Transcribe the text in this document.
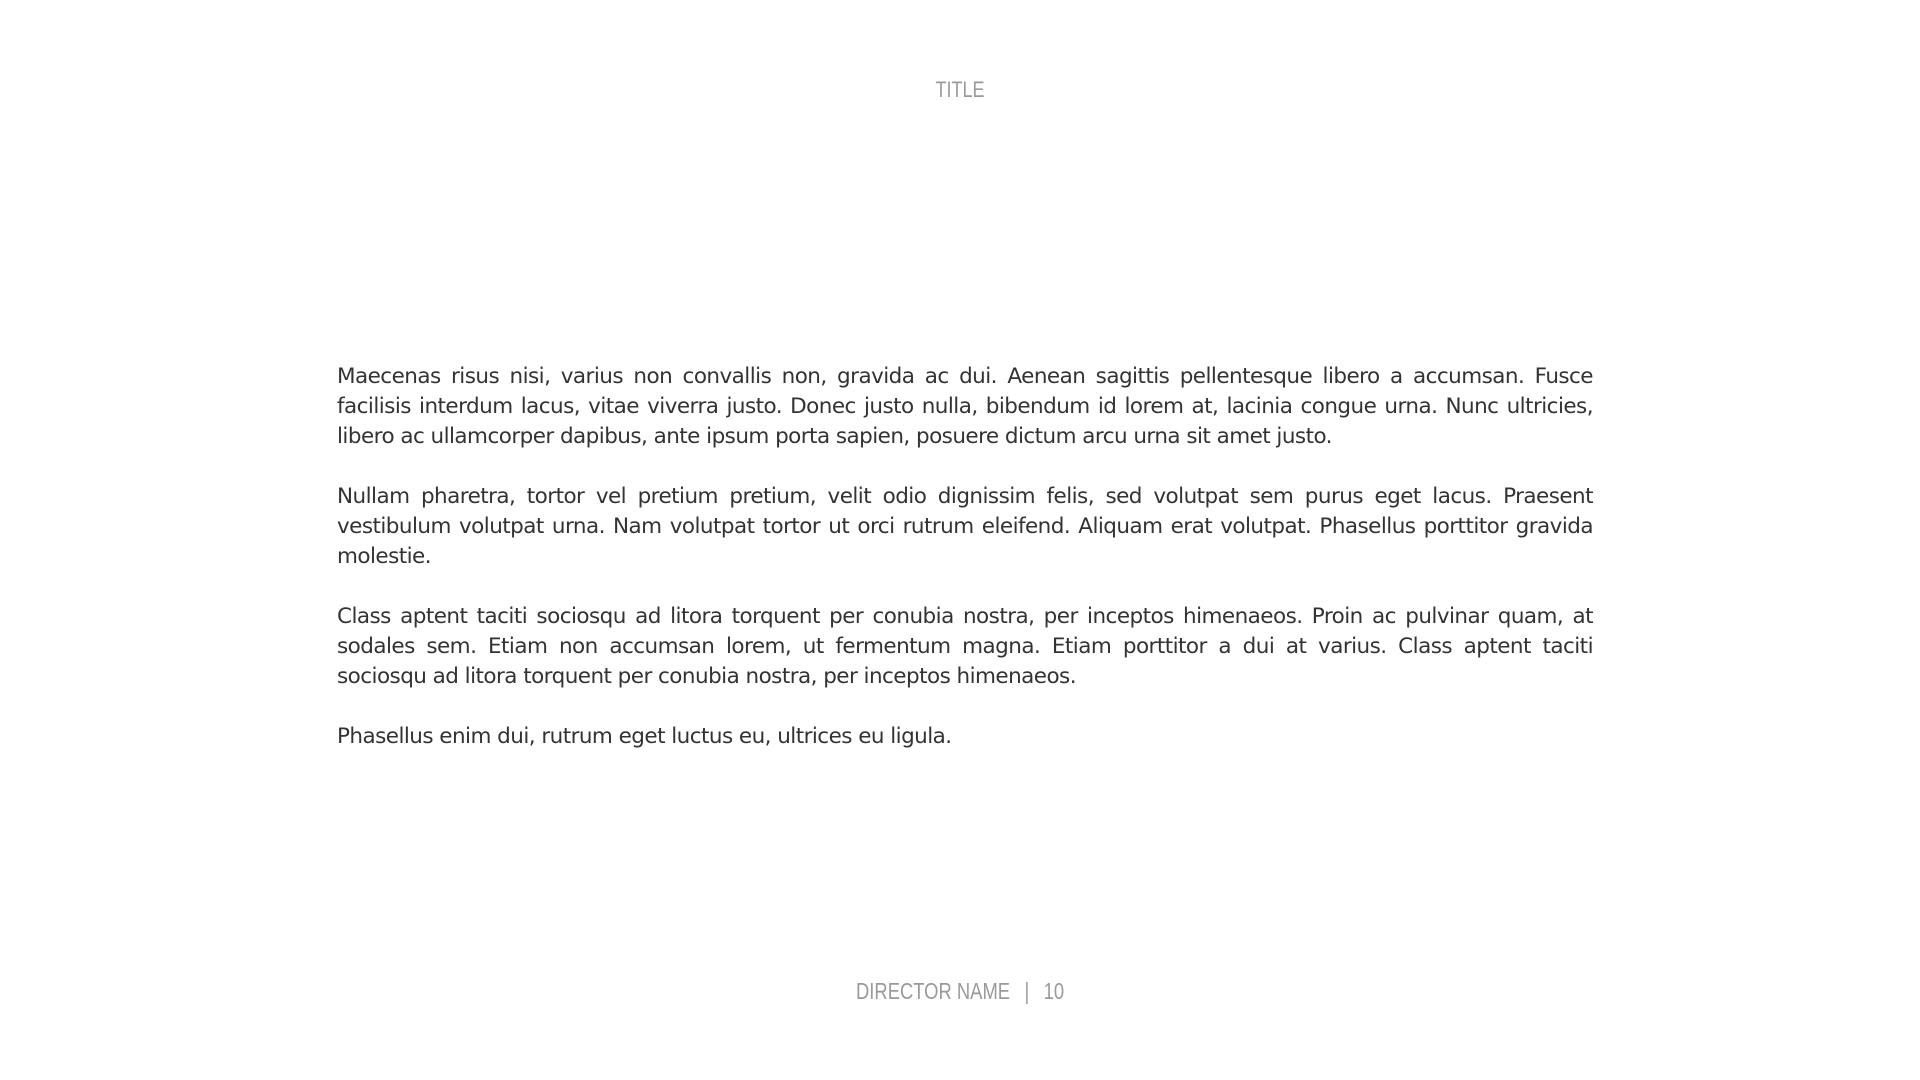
TITLE

Maecenas risus nisi, varius non convallis non, gravida ac dui. Aenean sagittis pellentesque libero a accumsan. Fusce facilisis interdum lacus, vitae viverra justo. Donec justo nulla, bibendum id lorem at, lacinia congue urna. Nunc ultricies, libero ac ullamcorper dapibus, ante ipsum porta sapien, posuere dictum arcu urna sit amet justo.

Nullam pharetra, tortor vel pretium pretium, velit odio dignissim felis, sed volutpat sem purus eget lacus. Praesent vestibulum volutpat urna. Nam volutpat tortor ut orci rutrum eleifend. Aliquam erat volutpat. Phasellus porttitor gravida molestie.

Class aptent taciti sociosqu ad litora torquent per conubia nostra, per inceptos himenaeos. Proin ac pulvinar quam, at sodales sem. Etiam non accumsan lorem, ut fermentum magna. Etiam porttitor a dui at varius. Class aptent taciti sociosqu ad litora torquent per conubia nostra, per inceptos himenaeos.

Phasellus enim dui, rutrum eget luctus eu, ultrices eu ligula.

DIRECTOR NAME | 10
